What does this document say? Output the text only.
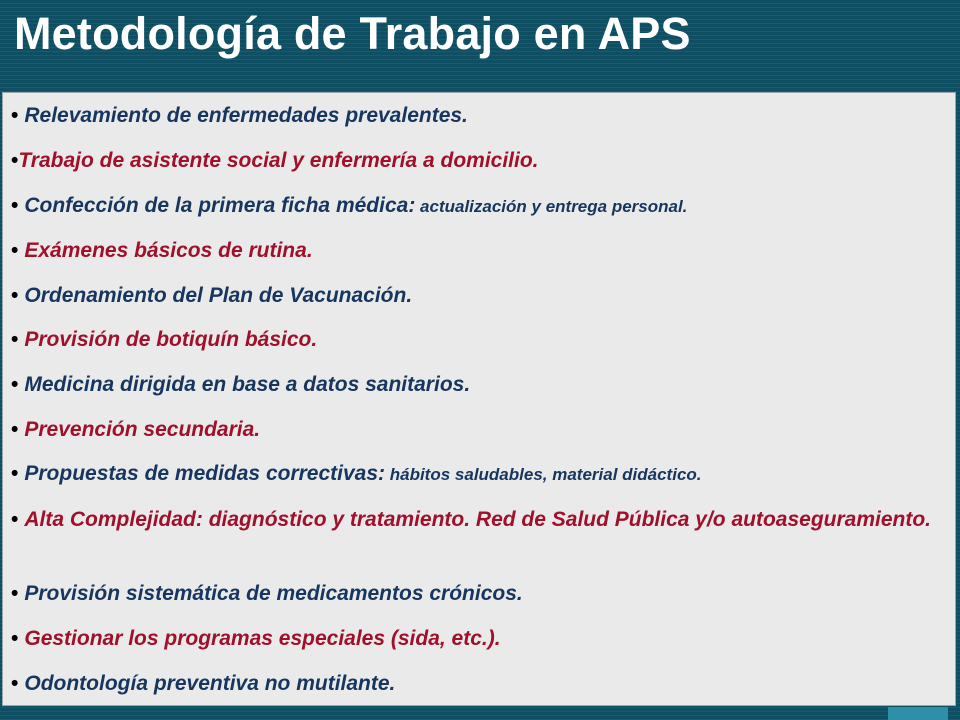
Metodología de Trabajo en APS
• Relevamiento de enfermedades prevalentes.
•Trabajo de asistente social y enfermería a domicilio.
• Confección de la primera ficha médica: actualización y entrega personal.
• Exámenes básicos de rutina.
• Ordenamiento del Plan de Vacunación.
• Provisión de botiquín básico.
• Medicina dirigida en base a datos sanitarios.
• Prevención secundaria.
• Propuestas de medidas correctivas: hábitos saludables, material didáctico.
• Alta Complejidad: diagnóstico y tratamiento. Red de Salud Pública y/o autoaseguramiento.
• Provisión sistemática de medicamentos crónicos.
• Gestionar los programas especiales (sida, etc.).
• Odontología preventiva no mutilante.
